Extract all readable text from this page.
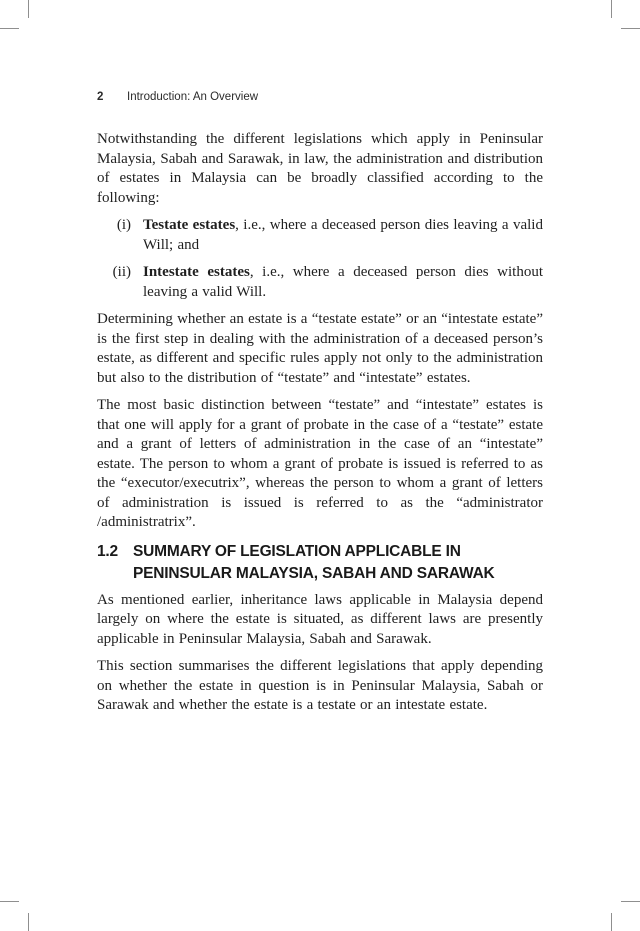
2	Introduction: An Overview

Notwithstanding the different legislations which apply in Peninsular Malaysia, Sabah and Sarawak, in law, the administration and distribution of estates in Malaysia can be broadly classified according to the following:

(i) Testate estates, i.e., where a deceased person dies leaving a valid Will; and
(ii) Intestate estates, i.e., where a deceased person dies without leaving a valid Will.

Determining whether an estate is a “testate estate” or an “intestate estate” is the first step in dealing with the administration of a deceased person’s estate, as different and specific rules apply not only to the administration but also to the distribution of “testate” and “intestate” estates.

The most basic distinction between “testate” and “intestate” estates is that one will apply for a grant of probate in the case of a “testate” estate and a grant of letters of administration in the case of an “intestate” estate. The person to whom a grant of probate is issued is referred to as the “executor/executrix”, whereas the person to whom a grant of letters of administration is issued is referred to as the “administrator /administratrix”.

1.2 SUMMARY OF LEGISLATION APPLICABLE IN PENINSULAR MALAYSIA, SABAH AND SARAWAK

As mentioned earlier, inheritance laws applicable in Malaysia depend largely on where the estate is situated, as different laws are presently applicable in Peninsular Malaysia, Sabah and Sarawak.

This section summarises the different legislations that apply depending on whether the estate in question is in Peninsular Malaysia, Sabah or Sarawak and whether the estate is a testate or an intestate estate.
